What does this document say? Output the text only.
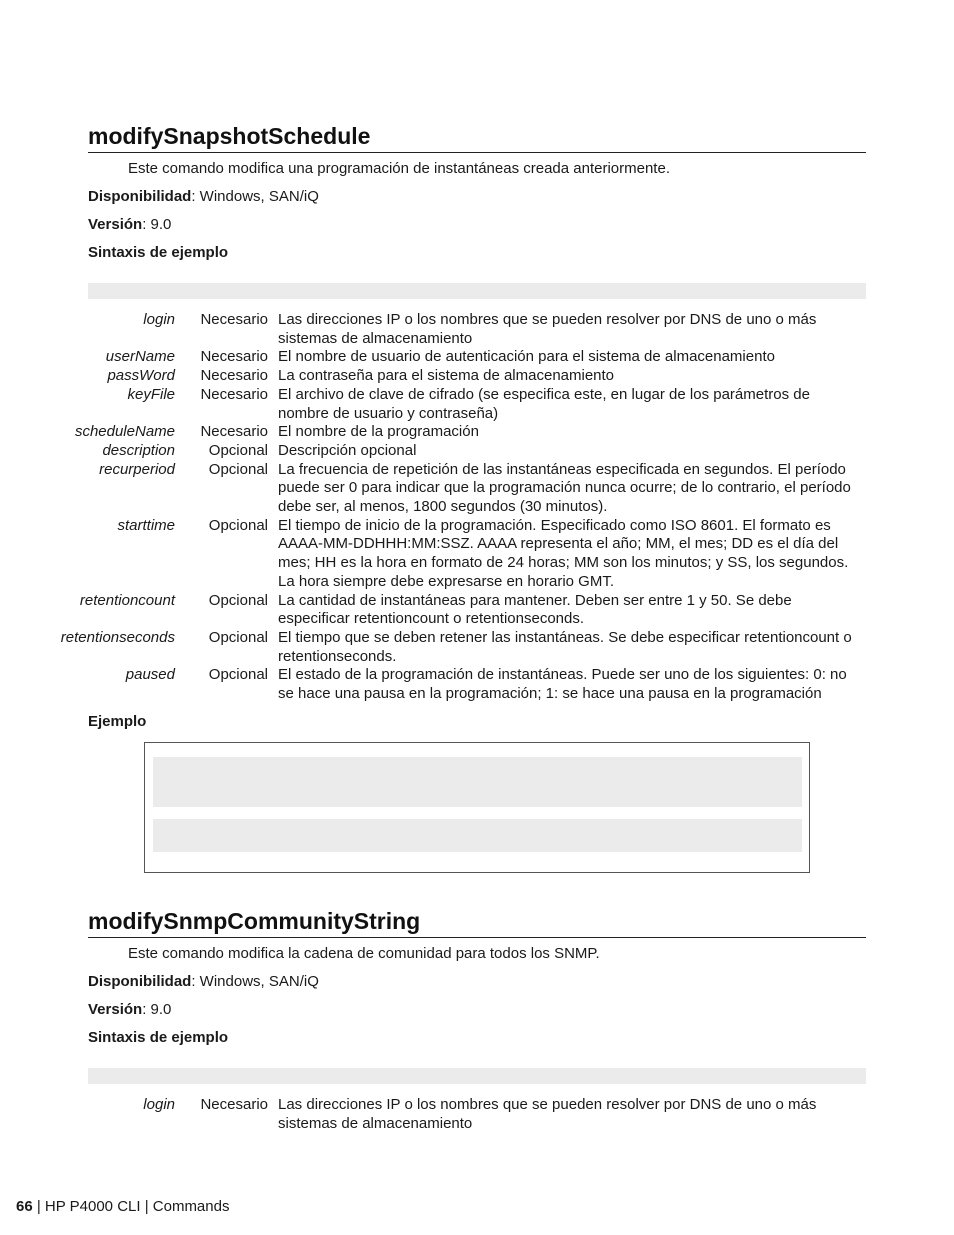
modifySnapshotSchedule
Este comando modifica una programación de instantáneas creada anteriormente.
Disponibilidad: Windows, SAN/iQ
Versión: 9.0
Sintaxis de ejemplo
login	Necesario Las direcciones IP o los nombres que se pueden resolver por DNS de uno o más sistemas de almacenamiento
userName	Necesario El nombre de usuario de autenticación para el sistema de almacenamiento
passWord	Necesario La contraseña para el sistema de almacenamiento
keyFile	Necesario El archivo de clave de cifrado (se especifica este, en lugar de los parámetros de nombre de usuario y contraseña)
scheduleName	Necesario El nombre de la programación
description	Opcional Descripción opcional
recurperiod	Opcional La frecuencia de repetición de las instantáneas especificada en segundos. El período puede ser 0 para indicar que la programación nunca ocurre; de lo contrario, el período debe ser, al menos, 1800 segundos (30 minutos).
starttime	Opcional El tiempo de inicio de la programación. Especificado como ISO 8601. El formato es AAAA-MM-DDHHH:MM:SSZ. AAAA representa el año; MM, el mes; DD es el día del mes; HH es la hora en formato de 24 horas; MM son los minutos; y SS, los segundos. La hora siempre debe expresarse en horario GMT.
retentioncount	Opcional La cantidad de instantáneas para mantener. Deben ser entre 1 y 50. Se debe especificar retentioncount o retentionseconds.
retentionseconds	Opcional El tiempo que se deben retener las instantáneas. Se debe especificar retentioncount o retentionseconds.
paused	Opcional El estado de la programación de instantáneas. Puede ser uno de los siguientes: 0: no se hace una pausa en la programación; 1: se hace una pausa en la programación
Ejemplo
modifySnmpCommunityString
Este comando modifica la cadena de comunidad para todos los SNMP.
Disponibilidad: Windows, SAN/iQ
Versión: 9.0
Sintaxis de ejemplo
login	Necesario Las direcciones IP o los nombres que se pueden resolver por DNS de uno o más sistemas de almacenamiento
66 | HP P4000 CLI | Commands
